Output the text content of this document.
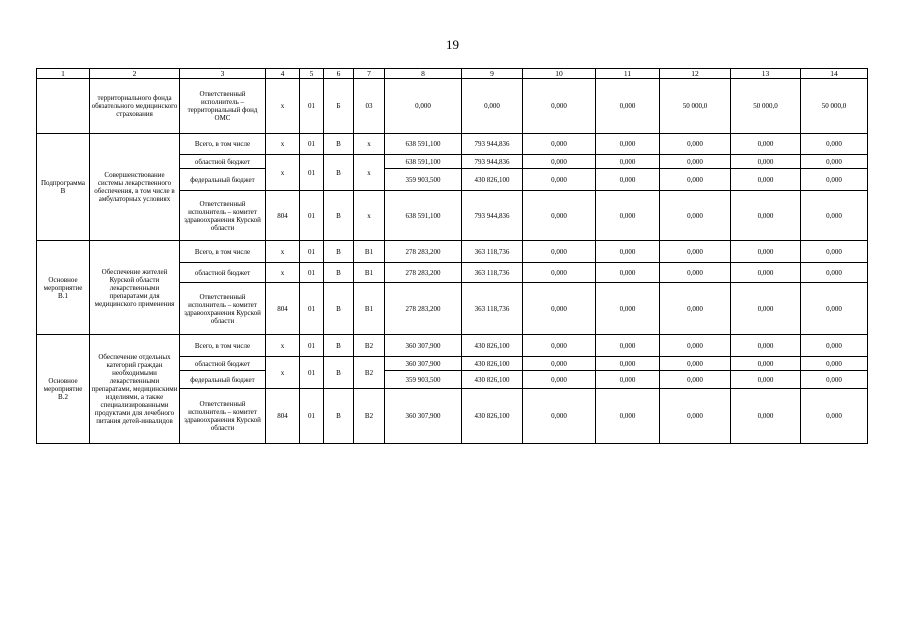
19
1	2	3	4	5	6	7	8	9	10	11	12	13	14
	территориального фонда обязательного медицинского страхования	Ответственный исполнитель – территориальный фонд ОМС	х	01	Б	03	0,000	0,000	0,000	0,000	50 000,0	50 000,0	50 000,0
Подпрограмма В	Совершенствование системы лекарственного обеспечения, в том числе в амбулаторных условиях	Всего, в том числе	х	01	В	х	638 591,100	793 944,836	0,000	0,000	0,000	0,000	0,000
		областной бюджет	х	01	В	х	638 591,100	793 944,836	0,000	0,000	0,000	0,000	0,000
		федеральный бюджет					359 903,500	430 826,100	0,000	0,000	0,000	0,000	0,000
		Ответственный исполнитель – комитет здравоохранения Курской области	804	01	В	х	638 591,100	793 944,836	0,000	0,000	0,000	0,000	0,000
Основное мероприятие В.1	Обеспечение жителей Курской области лекарственными препаратами для медицинского применения	Всего, в том числе	х	01	В	В1	278 283,200	363 118,736	0,000	0,000	0,000	0,000	0,000
		областной бюджет	х	01	В	В1	278 283,200	363 118,736	0,000	0,000	0,000	0,000	0,000
		Ответственный исполнитель – комитет здравоохранения Курской области	804	01	В	В1	278 283,200	363 118,736	0,000	0,000	0,000	0,000	0,000
Основное мероприятие В.2	Обеспечение отдельных категорий граждан необходимыми лекарственными препаратами, медицинскими изделиями, а также специализированными продуктами для лечебного питания детей-инвалидов	Всего, в том числе	х	01	В	В2	360 307,900	430 826,100	0,000	0,000	0,000	0,000	0,000
		областной бюджет	х	01	В	В2	360 307,900	430 826,100	0,000	0,000	0,000	0,000	0,000
		федеральный бюджет					359 903,500	430 826,100	0,000	0,000	0,000	0,000	0,000
		Ответственный исполнитель – комитет здравоохранения Курской области	804	01	В	В2	360 307,900	430 826,100	0,000	0,000	0,000	0,000	0,000
